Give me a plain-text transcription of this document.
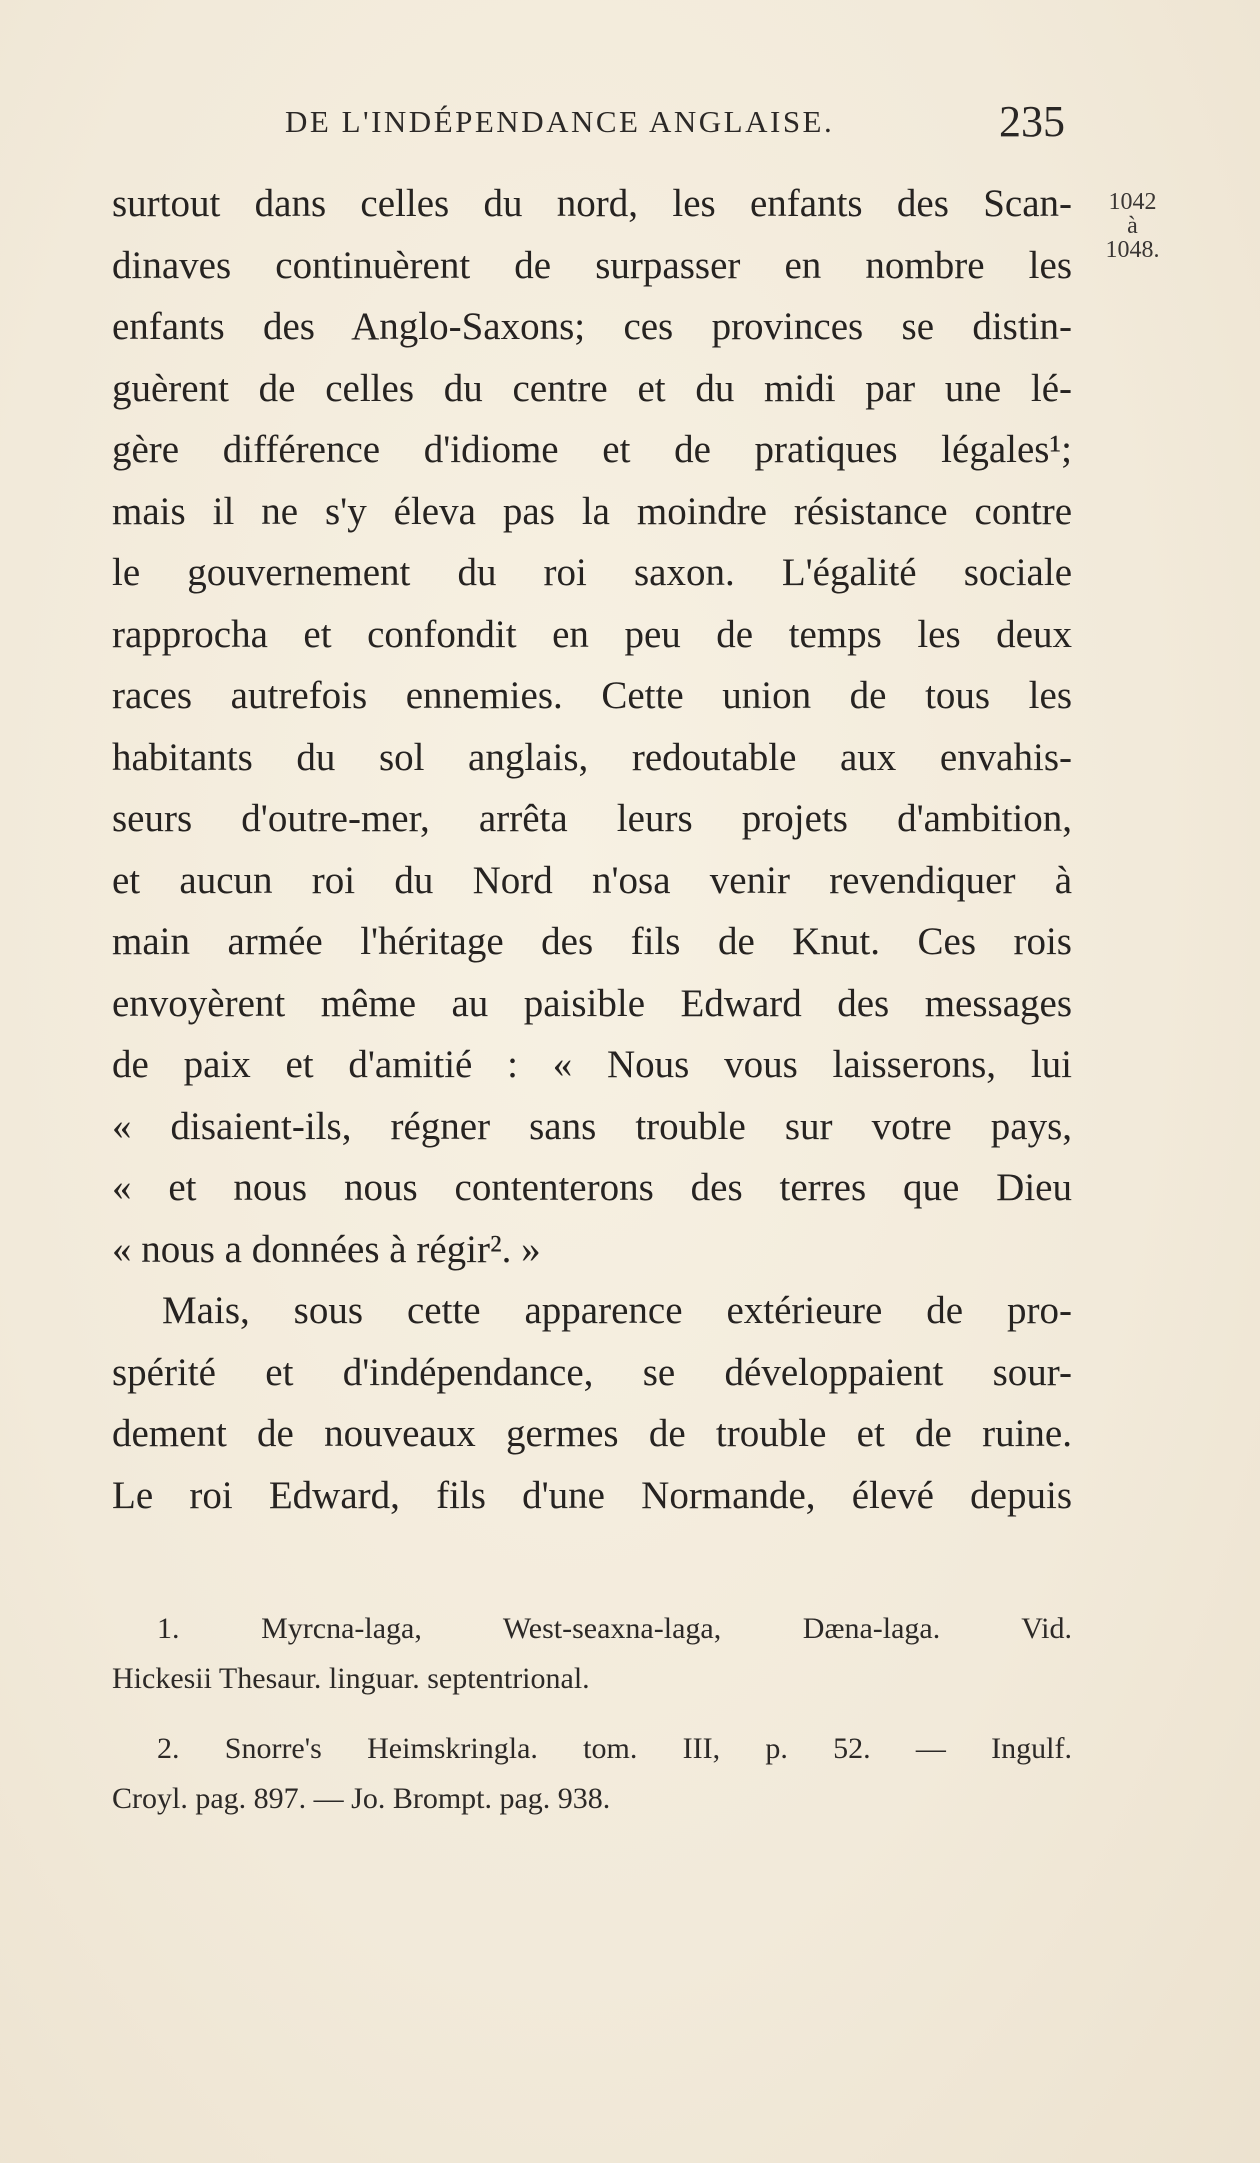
DE L'INDÉPENDANCE ANGLAISE.	235
1042
à
1048.
surtout dans celles du nord, les enfants des Scan-
dinaves continuèrent de surpasser en nombre les
enfants des Anglo-Saxons; ces provinces se distin-
guèrent de celles du centre et du midi par une lé-
gère différence d'idiome et de pratiques légales¹;
mais il ne s'y éleva pas la moindre résistance contre
le gouvernement du roi saxon. L'égalité sociale
rapprocha et confondit en peu de temps les deux
races autrefois ennemies. Cette union de tous les
habitants du sol anglais, redoutable aux envahis-
seurs d'outre-mer, arrêta leurs projets d'ambition,
et aucun roi du Nord n'osa venir revendiquer à
main armée l'héritage des fils de Knut. Ces rois
envoyèrent même au paisible Edward des messages
de paix et d'amitié : « Nous vous laisserons, lui
« disaient-ils, régner sans trouble sur votre pays,
« et nous nous contenterons des terres que Dieu
« nous a données à régir². »
Mais, sous cette apparence extérieure de pro-
spérité et d'indépendance, se développaient sour-
dement de nouveaux germes de trouble et de ruine.
Le roi Edward, fils d'une Normande, élevé depuis
1. Myrcna-laga, West-seaxna-laga, Dæna-laga. Vid.
Hickesii Thesaur. linguar. septentrional.
2. Snorre's Heimskringla. tom. III, p. 52. — Ingulf.
Croyl. pag. 897. — Jo. Brompt. pag. 938.
